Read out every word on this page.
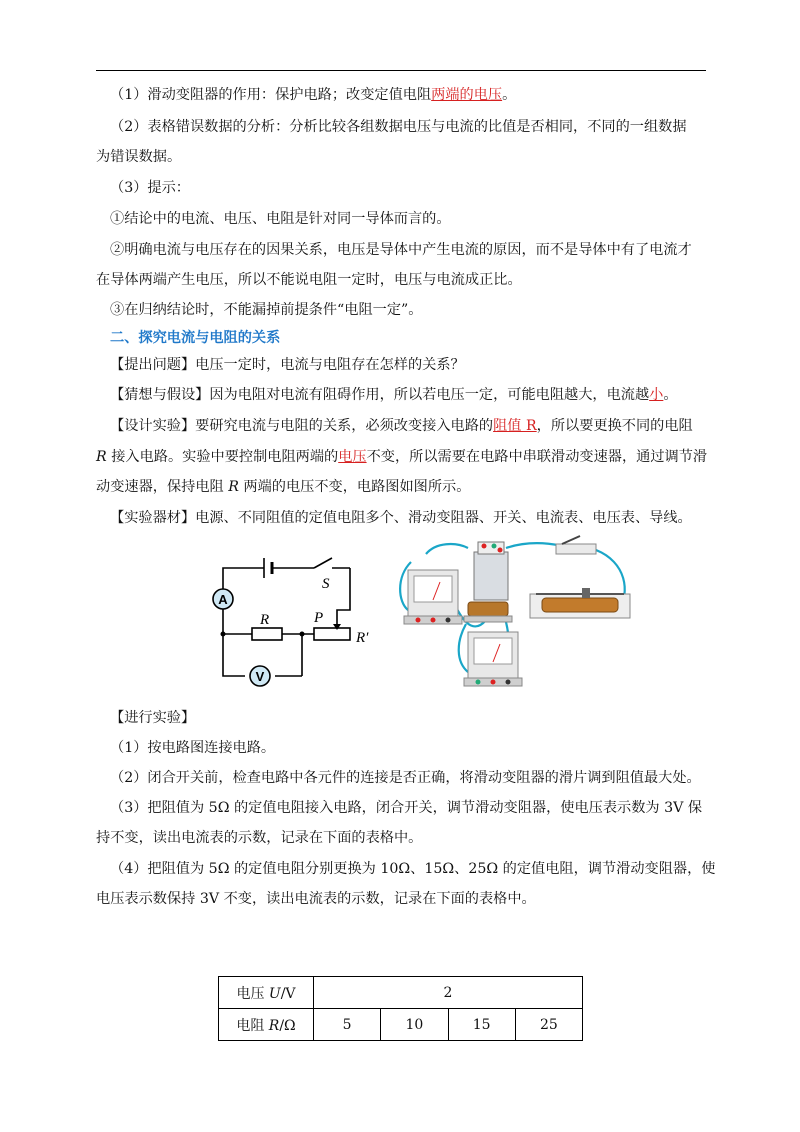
（1）滑动变阻器的作用：保护电路；改变定值电阻两端的电压。
（2）表格错误数据的分析：分析比较各组数据电压与电流的比值是否相同，不同的一组数据
为错误数据。
（3）提示：
①结论中的电流、电压、电阻是针对同一导体而言的。
②明确电流与电压存在的因果关系，电压是导体中产生电流的原因，而不是导体中有了电流才
在导体两端产生电压，所以不能说电阻一定时，电压与电流成正比。
③在归纳结论时，不能漏掉前提条件“电阻一定”。
二、探究电流与电阻的关系
【提出问题】电压一定时，电流与电阻存在怎样的关系？
【猜想与假设】因为电阻对电流有阻碍作用，所以若电压一定，可能电阻越大，电流越小。
【设计实验】要研究电流与电阻的关系，必须改变接入电路的阻值 R，所以要更换不同的电阻
R 接入电路。实验中要控制电阻两端的电压不变，所以需要在电路中串联滑动变速器，通过调节滑
动变速器，保持电阻 R 两端的电压不变，电路图如图所示。
【实验器材】电源、不同阻值的定值电阻多个、滑动变阻器、开关、电流表、电压表、导线。
A
V
S
R	P
R′
【进行实验】
（1）按电路图连接电路。
（2）闭合开关前，检查电路中各元件的连接是否正确，将滑动变阻器的滑片调到阻值最大处。
（3）把阻值为 5Ω 的定值电阻接入电路，闭合开关，调节滑动变阻器，使电压表示数为 3V 保
持不变，读出电流表的示数，记录在下面的表格中。
（4）把阻值为 5Ω 的定值电阻分别更换为 10Ω、15Ω、25Ω 的定值电阻，调节滑动变阻器，使
电压表示数保持 3V 不变，读出电流表的示数，记录在下面的表格中。
电压 U/V	2			
电阻 R/Ω	5	10	15	25
